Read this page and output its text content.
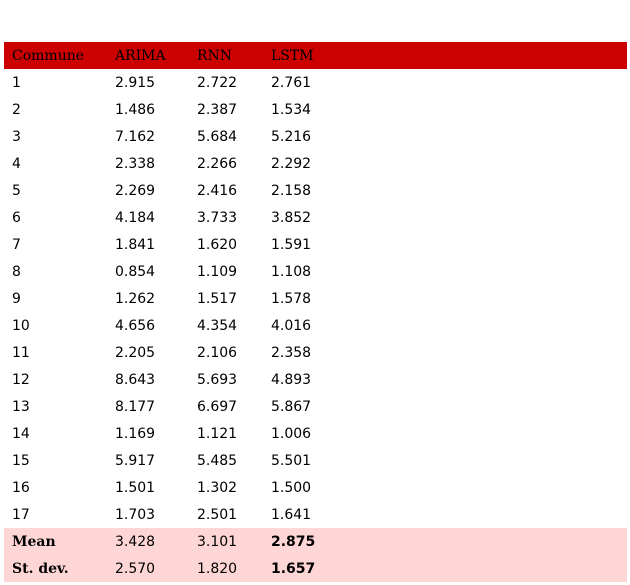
Commune	ARIMA	RNN	LSTM
1	2.915	2.722	2.761
2	1.486	2.387	1.534
3	7.162	5.684	5.216
4	2.338	2.266	2.292
5	2.269	2.416	2.158
6	4.184	3.733	3.852
7	1.841	1.620	1.591
8	0.854	1.109	1.108
9	1.262	1.517	1.578
10	4.656	4.354	4.016
11	2.205	2.106	2.358
12	8.643	5.693	4.893
13	8.177	6.697	5.867
14	1.169	1.121	1.006
15	5.917	5.485	5.501
16	1.501	1.302	1.500
17	1.703	2.501	1.641
Mean	3.428	3.101	2.875
St. dev.	2.570	1.820	1.657
